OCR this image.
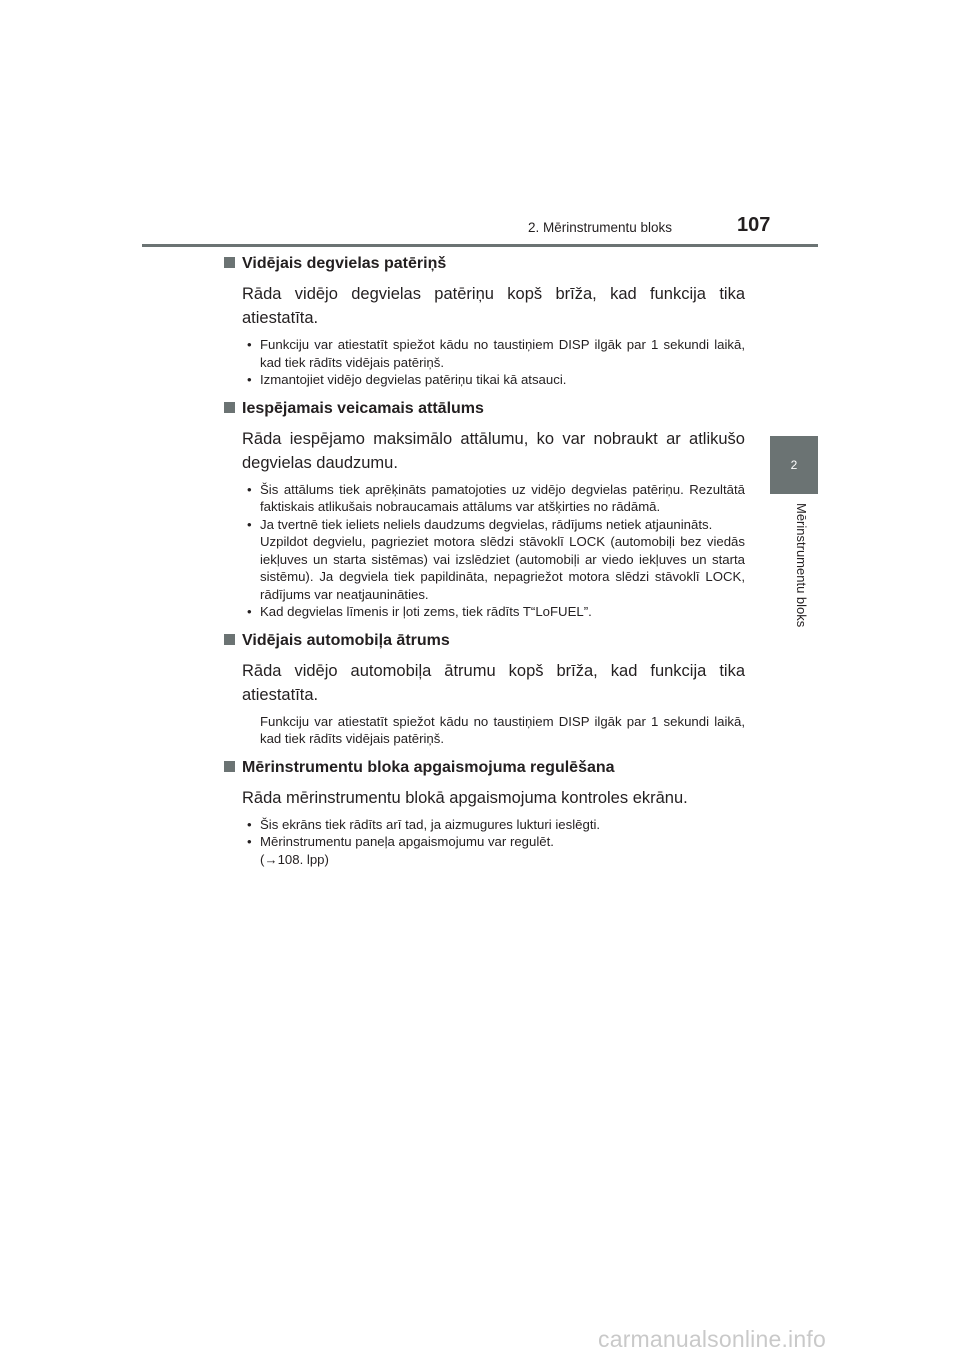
2. Mērinstrumentu bloks	107
2
Mērinstrumentu bloks
Vidējais degvielas patēriņš
Rāda vidējo degvielas patēriņu kopš brīža, kad funkcija tika atiestatīta.
• Funkciju var atiestatīt spiežot kādu no taustiņiem DISP ilgāk par 1 sekundi laikā, kad tiek rādīts vidējais patēriņš.
• Izmantojiet vidējo degvielas patēriņu tikai kā atsauci.
Iespējamais veicamais attālums
Rāda iespējamo maksimālo attālumu, ko var nobraukt ar atlikušo degvielas daudzumu.
• Šis attālums tiek aprēķināts pamatojoties uz vidējo degvielas patēriņu. Rezultātā faktiskais atlikušais nobraucamais attālums var atšķirties no rādāmā.
• Ja tvertnē tiek ieliets neliels daudzums degvielas, rādījums netiek atjaunināts.
Uzpildot degvielu, pagrieziet motora slēdzi stāvoklī LOCK (automobiļi bez viedās iekļuves un starta sistēmas) vai izslēdziet (automobiļi ar viedo iekļuves un starta sistēmu). Ja degviela tiek papildināta, nepagriežot motora slēdzi stāvoklī LOCK, rādījums var neatjaunināties.
• Kad degvielas līmenis ir ļoti zems, tiek rādīts T“LoFUEL”.
Vidējais automobiļa ātrums
Rāda vidējo automobiļa ātrumu kopš brīža, kad funkcija tika atiestatīta.
Funkciju var atiestatīt spiežot kādu no taustiņiem DISP ilgāk par 1 sekundi laikā, kad tiek rādīts vidējais patēriņš.
Mērinstrumentu bloka apgaismojuma regulēšana
Rāda mērinstrumentu blokā apgaismojuma kontroles ekrānu.
• Šis ekrāns tiek rādīts arī tad, ja aizmugures lukturi ieslēgti.
• Mērinstrumentu paneļa apgaismojumu var regulēt.
(→108. lpp)
carmanualsonline.info
